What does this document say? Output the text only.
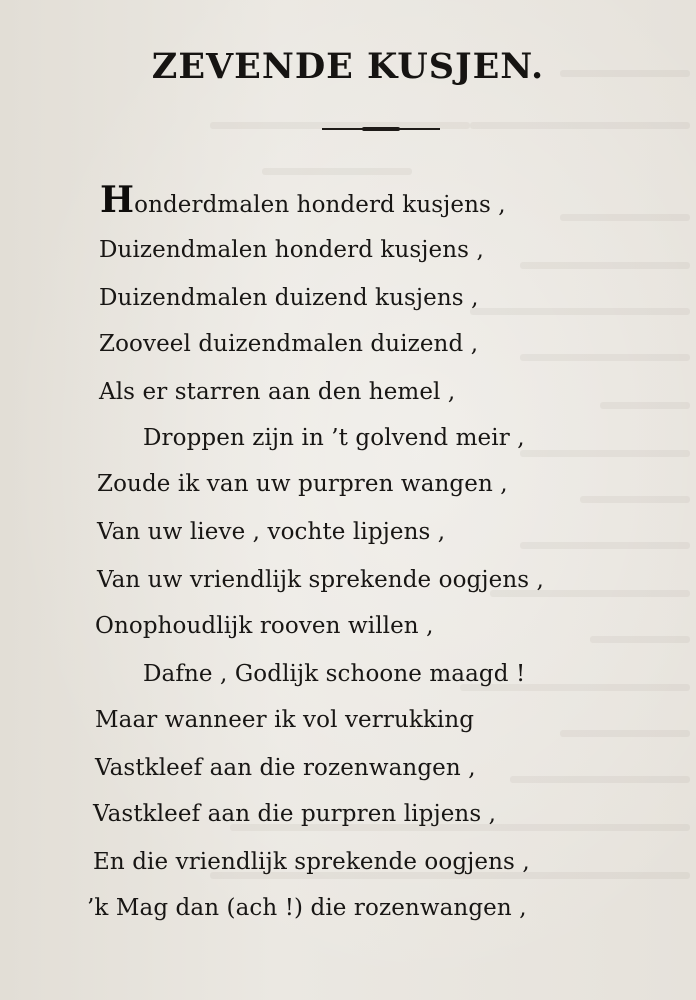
ZEVENDE KUSJEN.
Honderdmalen honderd kusjens ,
Duizendmalen honderd kusjens ,
Duizendmalen duizend kusjens ,
Zooveel duizendmalen duizend ,
Als er starren aan den hemel ,
Droppen zijn in ’t golvend meir ,
Zoude ik van uw purpren wangen ,
Van uw lieve , vochte lipjens ,
Van uw vriendlijk sprekende oogjens ,
Onophoudlijk rooven willen ,
Dafne , Godlijk schoone maagd !
Maar wanneer ik vol verrukking
Vastkleef aan die rozenwangen ,
Vastkleef aan die purpren lipjens ,
En die vriendlijk sprekende oogjens ,
’k Mag dan (ach !) die rozenwangen ,
